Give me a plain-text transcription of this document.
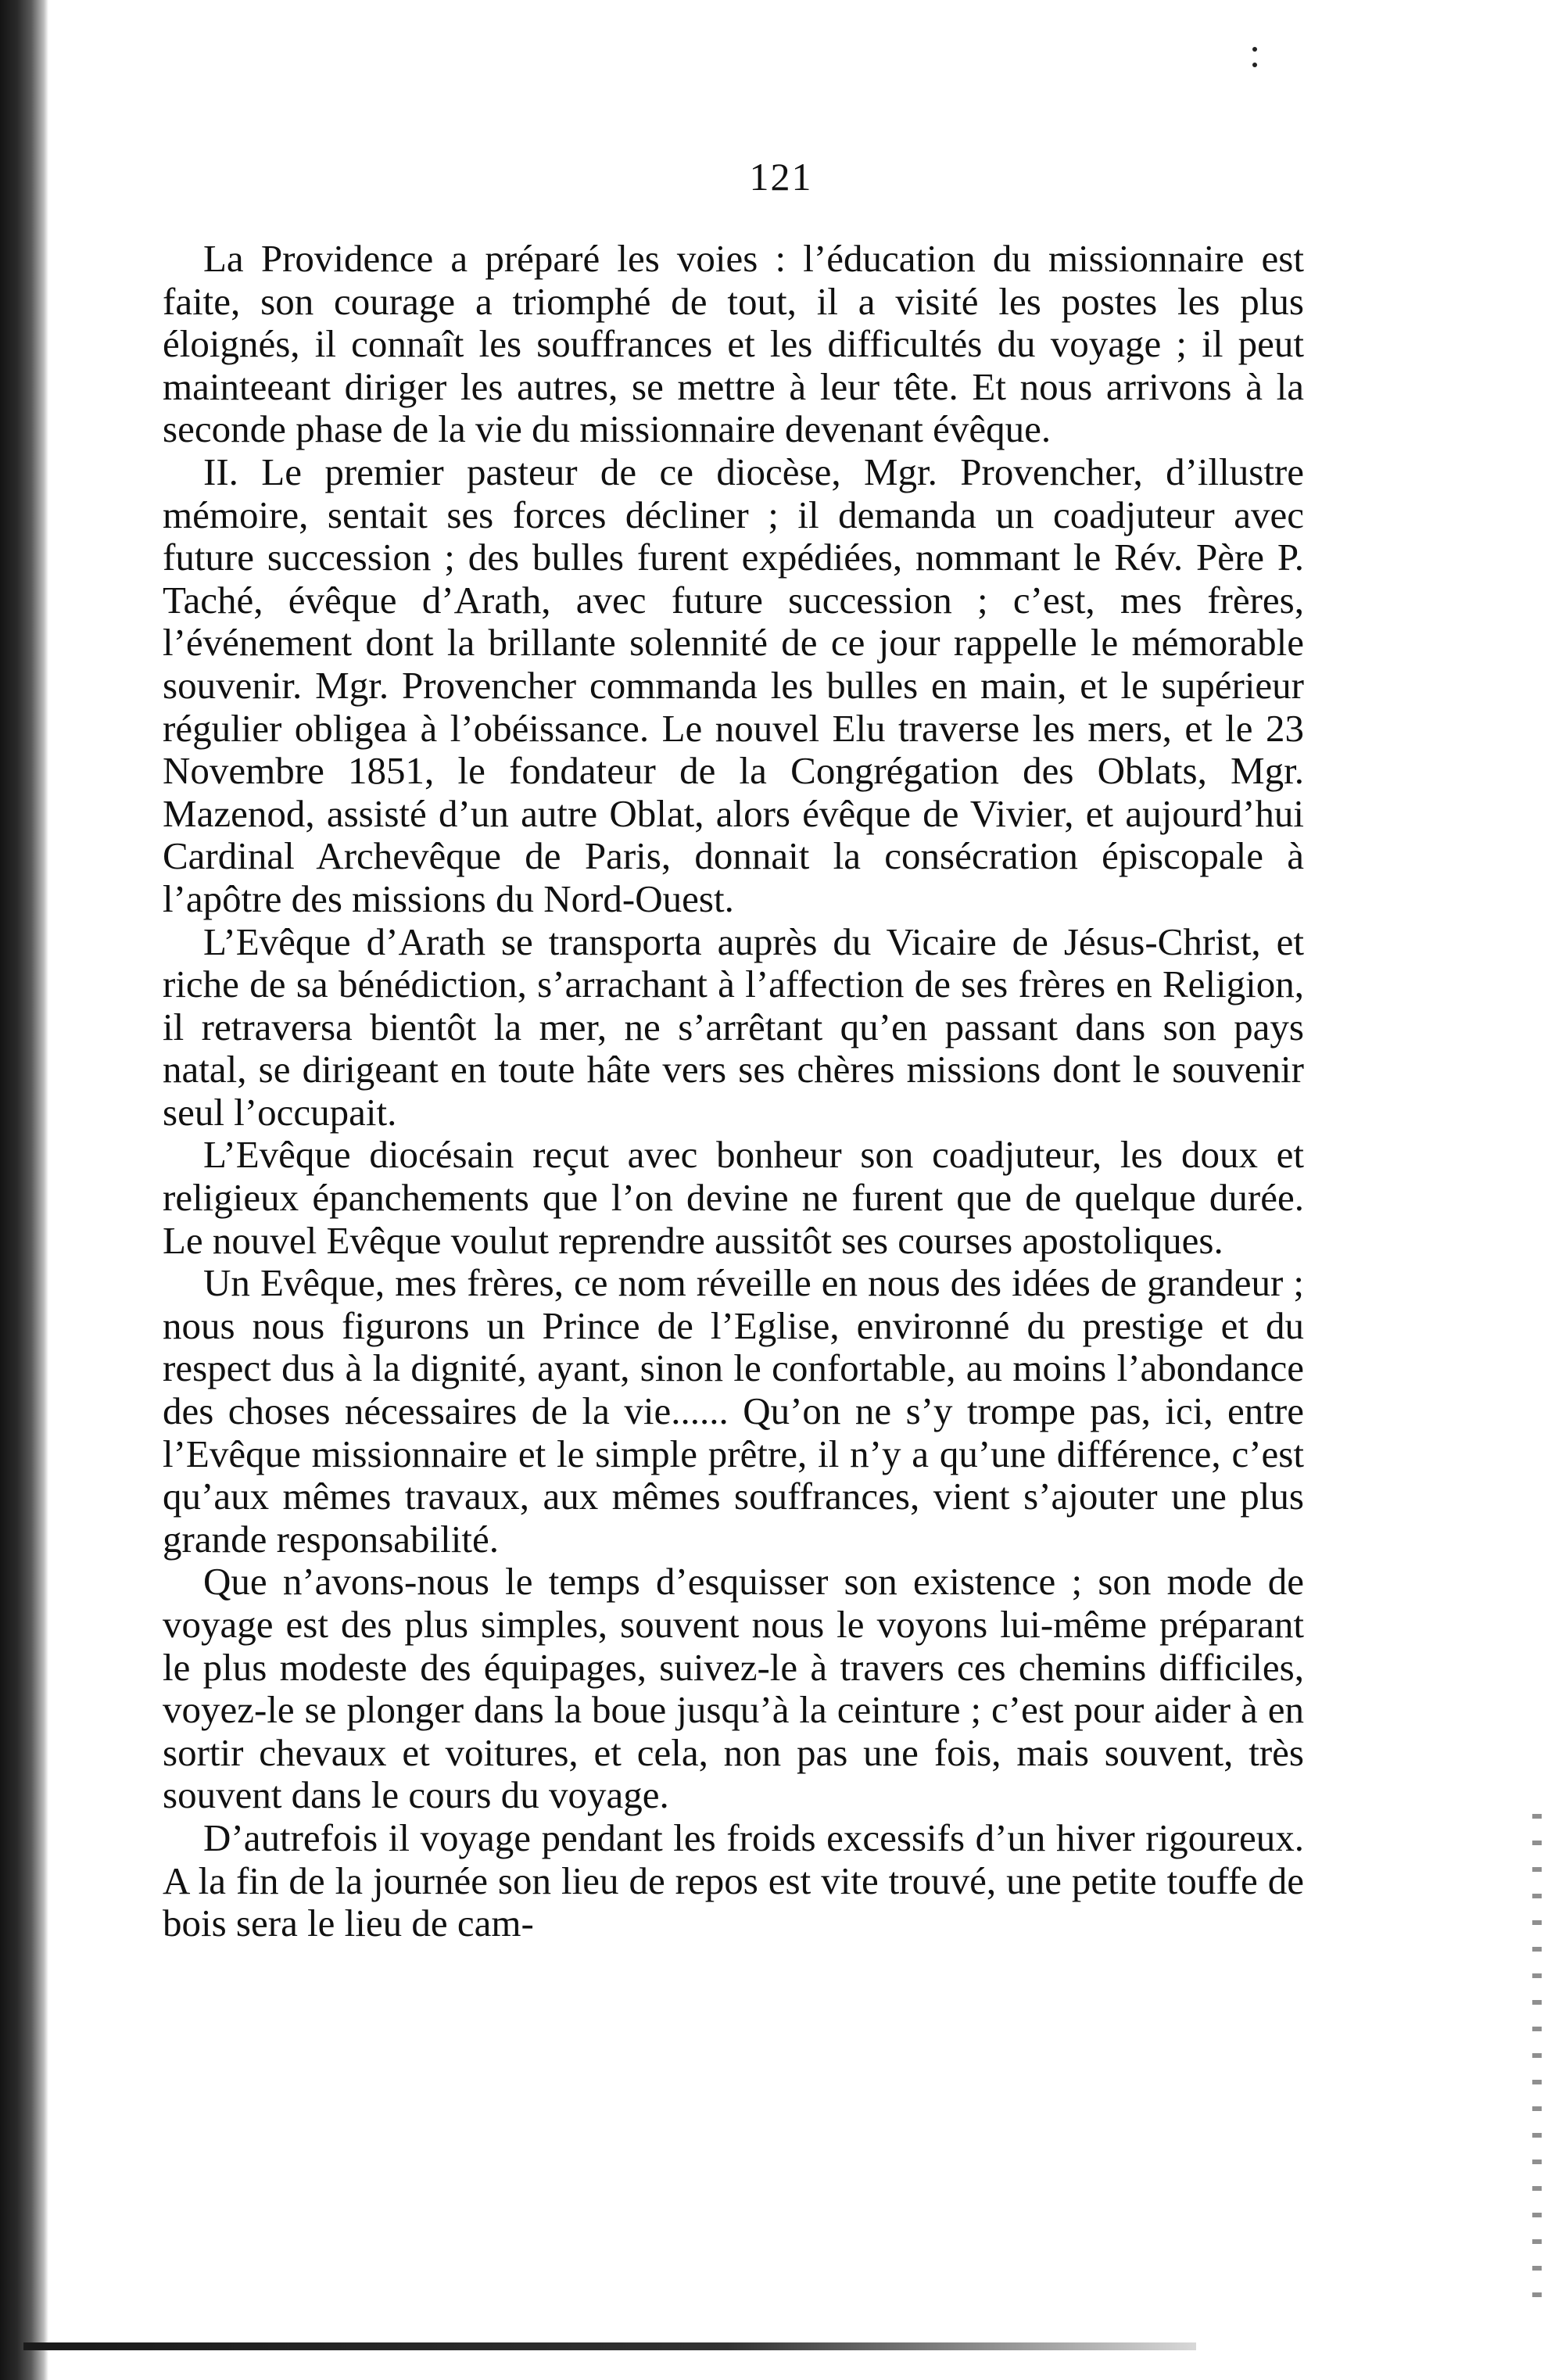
121

La Providence a préparé les voies : l’éducation du missionnaire est faite, son courage a triomphé de tout, il a visité les postes les plus éloignés, il connaît les souffrances et les difficultés du voyage ; il peut mainteeant diriger les autres, se mettre à leur tête. Et nous arrivons à la seconde phase de la vie du missionnaire devenant évêque.

II. Le premier pasteur de ce diocèse, Mgr. Provencher, d’illustre mémoire, sentait ses forces décliner ; il demanda un coadjuteur avec future succession ; des bulles furent expédiées, nommant le Rév. Père P. Taché, évêque d’Arath, avec future succession ; c’est, mes frères, l’événement dont la brillante solennité de ce jour rappelle le mémorable souvenir. Mgr. Provencher commanda les bulles en main, et le supérieur régulier obligea à l’obéissance. Le nouvel Elu traverse les mers, et le 23 Novembre 1851, le fondateur de la Congrégation des Oblats, Mgr. Mazenod, assisté d’un autre Oblat, alors évêque de Vivier, et aujourd’hui Cardinal Archevêque de Paris, donnait la consécration épiscopale à l’apôtre des missions du Nord-Ouest.

L’Evêque d’Arath se transporta auprès du Vicaire de Jésus-Christ, et riche de sa bénédiction, s’arrachant à l’affection de ses frères en Religion, il retraversa bientôt la mer, ne s’arrêtant qu’en passant dans son pays natal, se dirigeant en toute hâte vers ses chères missions dont le souvenir seul l’occupait.

L’Evêque diocésain reçut avec bonheur son coadjuteur, les doux et religieux épanchements que l’on devine ne furent que de quelque durée. Le nouvel Evêque voulut reprendre aussitôt ses courses apostoliques.

Un Evêque, mes frères, ce nom réveille en nous des idées de grandeur ; nous nous figurons un Prince de l’Eglise, environné du prestige et du respect dus à la dignité, ayant, sinon le confortable, au moins l’abondance des choses nécessaires de la vie...... Qu’on ne s’y trompe pas, ici, entre l’Evêque missionnaire et le simple prêtre, il n’y a qu’une différence, c’est qu’aux mêmes travaux, aux mêmes souffrances, vient s’ajouter une plus grande responsabilité.

Que n’avons-nous le temps d’esquisser son existence ; son mode de voyage est des plus simples, souvent nous le voyons lui-même préparant le plus modeste des équipages, suivez-le à travers ces chemins difficiles, voyez-le se plonger dans la boue jusqu’à la ceinture ; c’est pour aider à en sortir chevaux et voitures, et cela, non pas une fois, mais souvent, très souvent dans le cours du voyage.

D’autrefois il voyage pendant les froids excessifs d’un hiver rigoureux. A la fin de la journée son lieu de repos est vite trouvé, une petite touffe de bois sera le lieu de cam-
